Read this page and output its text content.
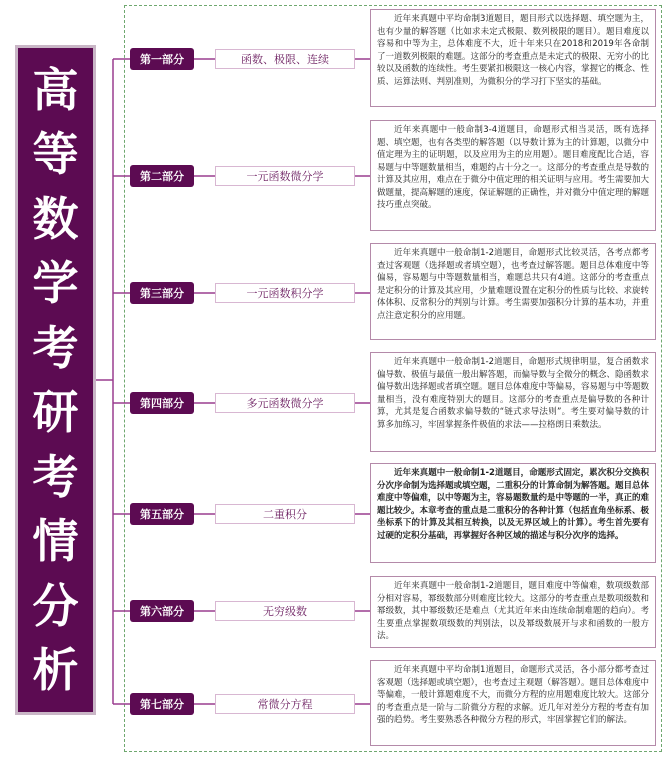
高
等
数
学
考
研
考
情
分
析
第一部分	函数、极限、连续
近年来真题中平均命制3道题目，题目形式以选择题、填空题为主，也有少量的解答题（比如求未定式极限、数列极限的题目）。题目难度以容易和中等为主，总体难度不大，近十年来只在2018和2019年各命制了一道数列极限的难题。这部分的考查重点是未定式的极限、无穷小的比较以及函数的连续性。考生要紧扣极限这一核心内容，掌握它的概念、性质、运算法则、判别准则，为微积分的学习打下坚实的基础。
第二部分	一元函数微分学
近年来真题中一般命制3-4道题目，命题形式相当灵活，既有选择题、填空题，也有各类型的解答题（以导数计算为主的计算题，以微分中值定理为主的证明题，以及应用为主的应用题）。题目难度配比合适，容易题与中等题数量相当，难题约占十分之一。这部分的考查重点是导数的计算及其应用，难点在于微分中值定理的相关证明与应用。考生需要加大做题量，提高解题的速度，保证解题的正确性，并对微分中值定理的解题技巧重点突破。
第三部分	一元函数积分学
近年来真题中一般命制1-2道题目，命题形式比较灵活，各考点都考查过客观题（选择题或者填空题），也考查过解答题。题目总体难度中等偏易，容易题与中等题数量相当，难题总共只有4道。这部分的考查重点是定积分的计算及其应用，少量难题设置在定积分的性质与比较、求旋转体体积、反常积分的判别与计算。考生需要加强积分计算的基本功，并重点注意定积分的应用题。
第四部分	多元函数微分学
近年来真题中一般命制1-2道题目，命题形式规律明显，复合函数求偏导数、极值与最值一般出解答题，而偏导数与全微分的概念、隐函数求偏导数出选择题或者填空题。题目总体难度中等偏易，容易题与中等题数量相当，没有难度特别大的题目。这部分的考查重点是偏导数的各种计算，尤其是复合函数求偏导数的“链式求导法则”。考生要对偏导数的计算多加练习，牢固掌握条件极值的求法——拉格朗日乘数法。
第五部分	二重积分
近年来真题中一般命制1-2道题目，命题形式固定，累次积分交换积分次序命制为选择题或填空题，二重积分的计算命制为解答题。题目总体难度中等偏难，以中等题为主，容易题数量约是中等题的一半，真正的难题比较少。本章考查的重点是二重积分的各种计算（包括直角坐标系、极坐标系下的计算及其相互转换，以及无界区域上的计算）。考生首先要有过硬的定积分基础，再掌握好各种区域的描述与积分次序的选择。
第六部分	无穷级数
近年来真题中一般命制1-2道题目，题目难度中等偏难，数项级数部分相对容易，幂级数部分则难度比较大。这部分的考查重点是数项级数和幂级数，其中幂级数还是难点（尤其近年来由连续命制难题的趋向）。考生要重点掌握数项级数的判别法，以及幂级数展开与求和函数的一般方法。
第七部分	常微分方程
近年来真题中平均命制1道题目，命题形式灵活，各小部分都考查过客观题（选择题或填空题），也考查过主观题（解答题）。题目总体难度中等偏难，一般计算题难度不大，而微分方程的应用题难度比较大。这部分的考查重点是一阶与二阶微分方程的求解。近几年对差分方程的考查有加强的趋势。考生要熟悉各种微分方程的形式，牢固掌握它们的解法。
